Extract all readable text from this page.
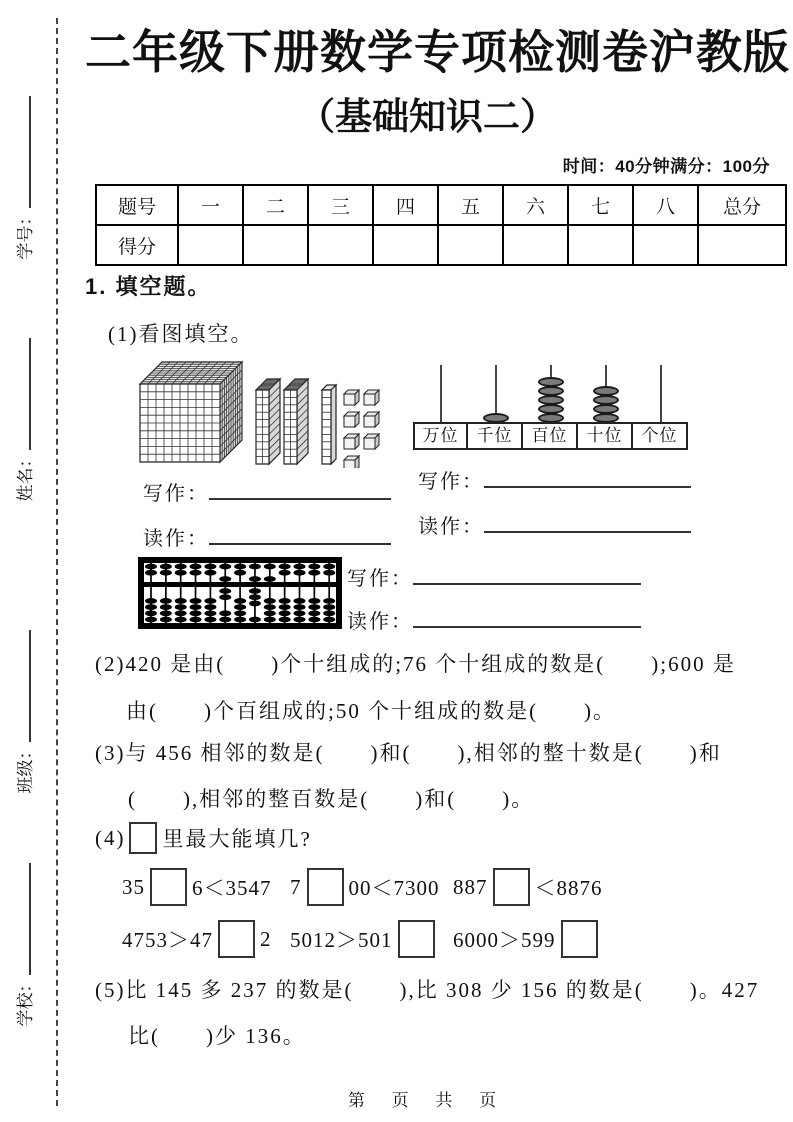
学号：
姓名：
班级：
学校：
二年级下册数学专项检测卷沪教版
（基础知识二）
时间：40分钟满分：100分
题号	一	二	三	四	五	六	七	八	总分
得分									
1. 填空题。
(1)看图填空。
万位	千位	百位	十位	个位
写作：
读作：
写作：
读作：
写作：
读作：
(2)420 是由(　　)个十组成的;76 个十组成的数是(　　);600 是
由(　　)个百组成的;50 个十组成的数是(　　)。
(3)与 456 相邻的数是(　　)和(　　),相邻的整十数是(　　)和
(　　),相邻的整百数是(　　)和(　　)。
(4) 里最大能填几?
35 6＜3547 7 00＜7300 887 ＜8876
4753＞47 2 5012＞501	6000＞599
(5)比 145 多 237 的数是(　　),比 308 少 156 的数是(　　)。427
比(　　)少 136。
第 页 共 页
